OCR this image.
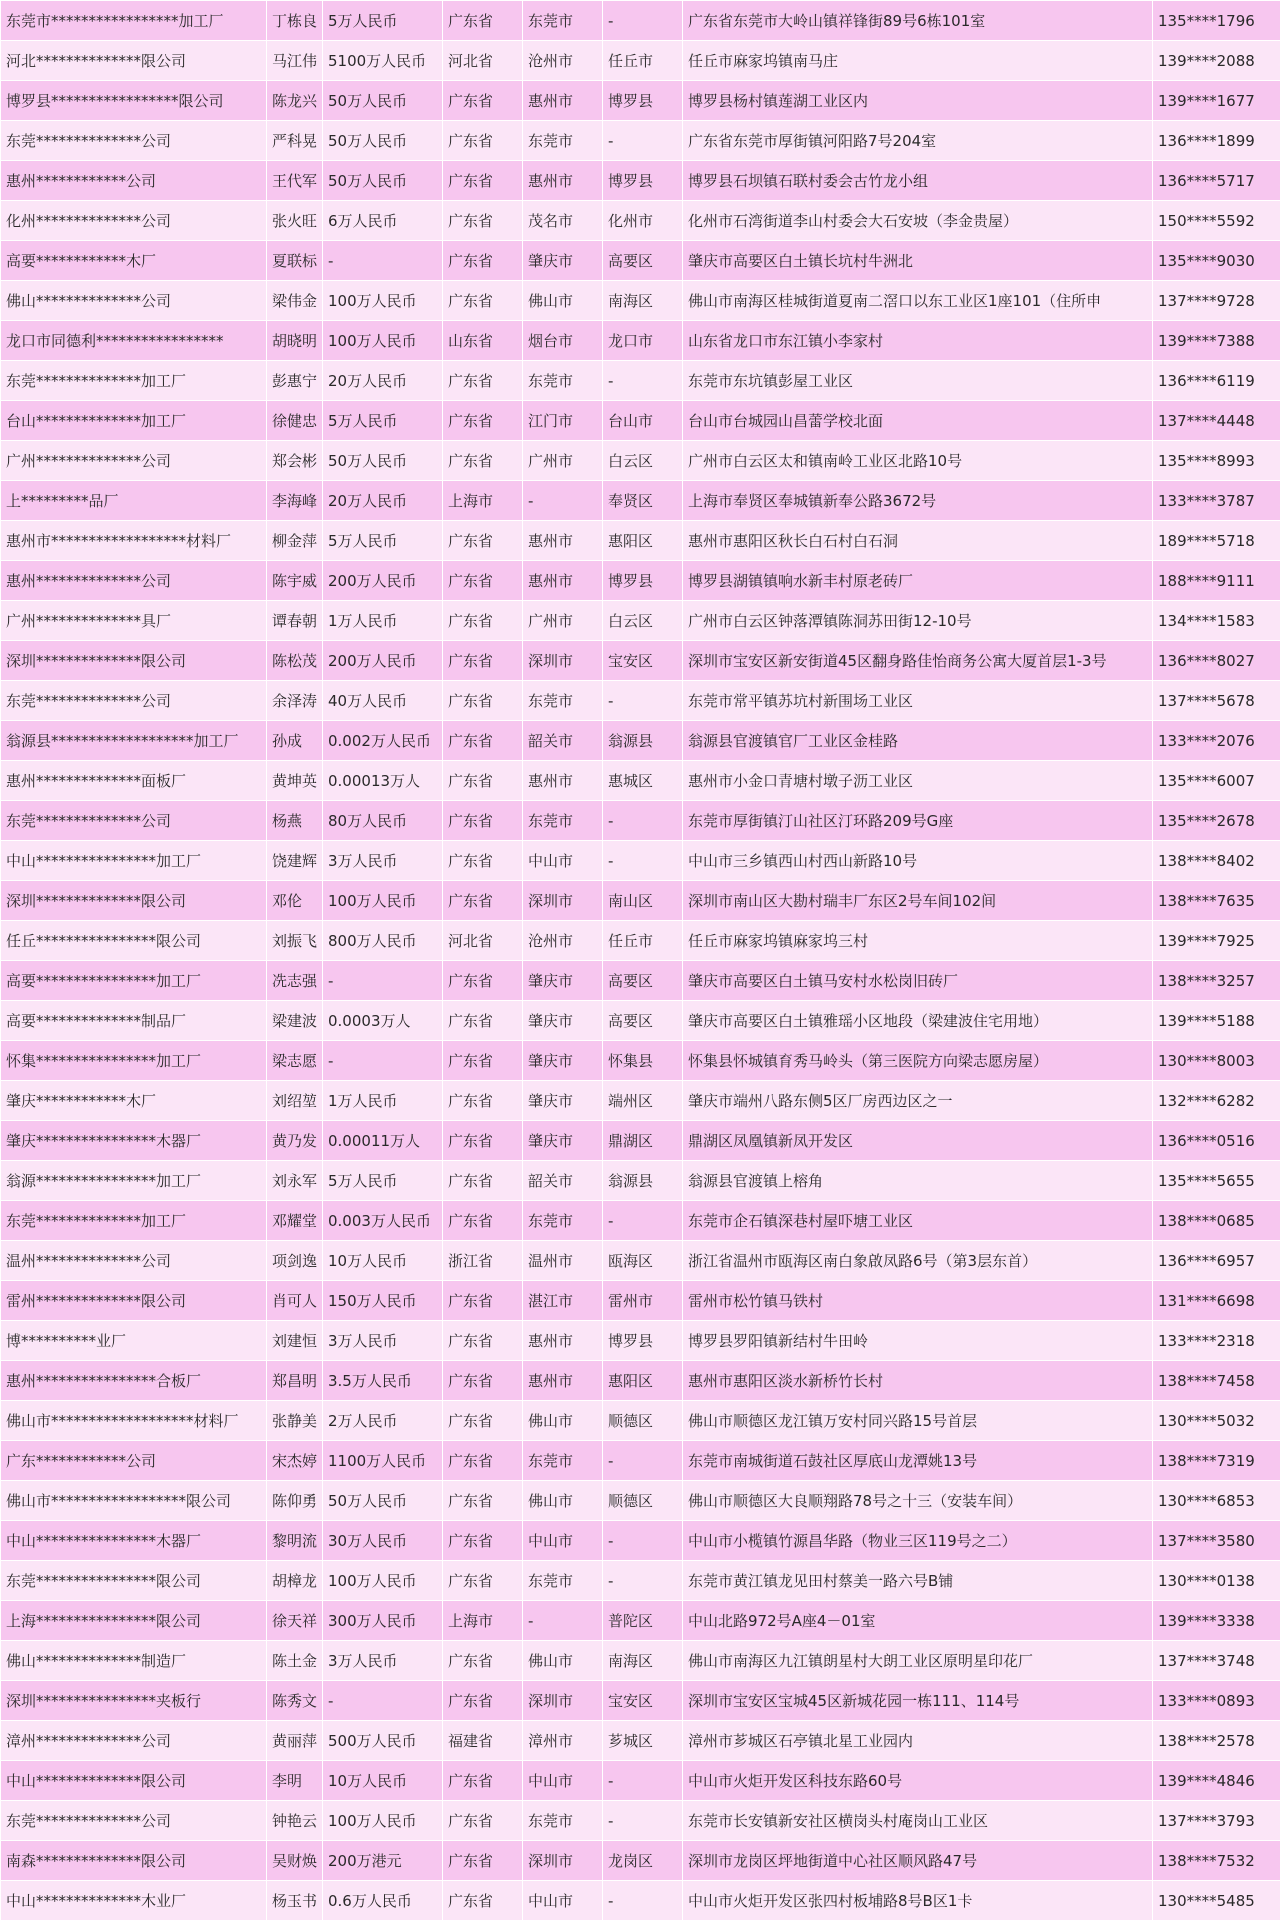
东莞市*****************加工厂	丁栋良	5万人民币	广东省	东莞市	-	广东省东莞市大岭山镇祥锋街89号6栋101室	135****1796
河北**************限公司	马江伟	5100万人民币	河北省	沧州市	任丘市	任丘市麻家坞镇南马庄	139****2088
博罗县*****************限公司	陈龙兴	50万人民币	广东省	惠州市	博罗县	博罗县杨村镇莲湖工业区内	139****1677
东莞**************公司	严科晃	50万人民币	广东省	东莞市	-	广东省东莞市厚街镇河阳路7号204室	136****1899
惠州************公司	王代军	50万人民币	广东省	惠州市	博罗县	博罗县石坝镇石联村委会古竹龙小组	136****5717
化州**************公司	张火旺	6万人民币	广东省	茂名市	化州市	化州市石湾街道李山村委会大石安坡（李金贵屋）	150****5592
高要************木厂	夏联标	-	广东省	肇庆市	高要区	肇庆市高要区白土镇长坑村牛洲北	135****9030
佛山**************公司	梁伟金	100万人民币	广东省	佛山市	南海区	佛山市南海区桂城街道夏南二滘口以东工业区1座101（住所申	137****9728
龙口市同德利*****************	胡晓明	100万人民币	山东省	烟台市	龙口市	山东省龙口市东江镇小李家村	139****7388
东莞**************加工厂	彭惠宁	20万人民币	广东省	东莞市	-	东莞市东坑镇彭屋工业区	136****6119
台山**************加工厂	徐健忠	5万人民币	广东省	江门市	台山市	台山市台城园山昌蕾学校北面	137****4448
广州**************公司	郑会彬	50万人民币	广东省	广州市	白云区	广州市白云区太和镇南岭工业区北路10号	135****8993
上*********品厂	李海峰	20万人民币	上海市	-	奉贤区	上海市奉贤区奉城镇新奉公路3672号	133****3787
惠州市******************材料厂	柳金萍	5万人民币	广东省	惠州市	惠阳区	惠州市惠阳区秋长白石村白石洞	189****5718
惠州**************公司	陈宇威	200万人民币	广东省	惠州市	博罗县	博罗县湖镇镇响水新丰村原老砖厂	188****9111
广州**************具厂	谭春朝	1万人民币	广东省	广州市	白云区	广州市白云区钟落潭镇陈洞苏田街12-10号	134****1583
深圳**************限公司	陈松茂	200万人民币	广东省	深圳市	宝安区	深圳市宝安区新安街道45区翻身路佳怡商务公寓大厦首层1-3号	136****8027
东莞**************公司	余泽涛	40万人民币	广东省	东莞市	-	东莞市常平镇苏坑村新围场工业区	137****5678
翁源县*******************加工厂	孙成	0.002万人民币	广东省	韶关市	翁源县	翁源县官渡镇官厂工业区金桂路	133****2076
惠州**************面板厂	黄坤英	0.00013万人	广东省	惠州市	惠城区	惠州市小金口青塘村墩子沥工业区	135****6007
东莞**************公司	杨燕	80万人民币	广东省	东莞市	-	东莞市厚街镇汀山社区汀环路209号G座	135****2678
中山****************加工厂	饶建辉	3万人民币	广东省	中山市	-	中山市三乡镇西山村西山新路10号	138****8402
深圳**************限公司	邓伦	100万人民币	广东省	深圳市	南山区	深圳市南山区大勘村瑞丰厂东区2号车间102间	138****7635
任丘****************限公司	刘振飞	800万人民币	河北省	沧州市	任丘市	任丘市麻家坞镇麻家坞三村	139****7925
高要****************加工厂	冼志强	-	广东省	肇庆市	高要区	肇庆市高要区白土镇马安村水松岗旧砖厂	138****3257
高要**************制品厂	梁建波	0.0003万人	广东省	肇庆市	高要区	肇庆市高要区白土镇雅瑶小区地段（梁建波住宅用地）	139****5188
怀集****************加工厂	梁志愿	-	广东省	肇庆市	怀集县	怀集县怀城镇育秀马岭头（第三医院方向梁志愿房屋）	130****8003
肇庆************木厂	刘绍堃	1万人民币	广东省	肇庆市	端州区	肇庆市端州八路东侧5区厂房西边区之一	132****6282
肇庆****************木器厂	黄乃发	0.00011万人	广东省	肇庆市	鼎湖区	鼎湖区凤凰镇新凤开发区	136****0516
翁源****************加工厂	刘永军	5万人民币	广东省	韶关市	翁源县	翁源县官渡镇上榕角	135****5655
东莞**************加工厂	邓耀堂	0.003万人民币	广东省	东莞市	-	东莞市企石镇深巷村屋吓塘工业区	138****0685
温州**************公司	项剑逸	10万人民币	浙江省	温州市	瓯海区	浙江省温州市瓯海区南白象啟凤路6号（第3层东首）	136****6957
雷州**************限公司	肖可人	150万人民币	广东省	湛江市	雷州市	雷州市松竹镇马铁村	131****6698
博**********业厂	刘建恒	3万人民币	广东省	惠州市	博罗县	博罗县罗阳镇新结村牛田岭	133****2318
惠州****************合板厂	郑昌明	3.5万人民币	广东省	惠州市	惠阳区	惠州市惠阳区淡水新桥竹长村	138****7458
佛山市*******************材料厂	张静美	2万人民币	广东省	佛山市	顺德区	佛山市顺德区龙江镇万安村同兴路15号首层	130****5032
广东************公司	宋杰婷	1100万人民币	广东省	东莞市	-	东莞市南城街道石鼓社区厚底山龙潭姚13号	138****7319
佛山市******************限公司	陈仰勇	50万人民币	广东省	佛山市	顺德区	佛山市顺德区大良顺翔路78号之十三（安装车间）	130****6853
中山****************木器厂	黎明流	30万人民币	广东省	中山市	-	中山市小榄镇竹源昌华路（物业三区119号之二）	137****3580
东莞****************限公司	胡樟龙	100万人民币	广东省	东莞市	-	东莞市黄江镇龙见田村蔡美一路六号B铺	130****0138
上海****************限公司	徐天祥	300万人民币	上海市	-	普陀区	中山北路972号A座4－01室	139****3338
佛山**************制造厂	陈土金	3万人民币	广东省	佛山市	南海区	佛山市南海区九江镇朗星村大朗工业区原明星印花厂	137****3748
深圳****************夹板行	陈秀文	-	广东省	深圳市	宝安区	深圳市宝安区宝城45区新城花园一栋111、114号	133****0893
漳州**************公司	黄丽萍	500万人民币	福建省	漳州市	芗城区	漳州市芗城区石亭镇北星工业园内	138****2578
中山**************限公司	李明	10万人民币	广东省	中山市	-	中山市火炬开发区科技东路60号	139****4846
东莞**************公司	钟艳云	100万人民币	广东省	东莞市	-	东莞市长安镇新安社区横岗头村庵岗山工业区	137****3793
南森**************限公司	吴财焕	200万港元	广东省	深圳市	龙岗区	深圳市龙岗区坪地街道中心社区顺风路47号	138****7532
中山**************木业厂	杨玉书	0.6万人民币	广东省	中山市	-	中山市火炬开发区张四村板埔路8号B区1卡	130****5485
